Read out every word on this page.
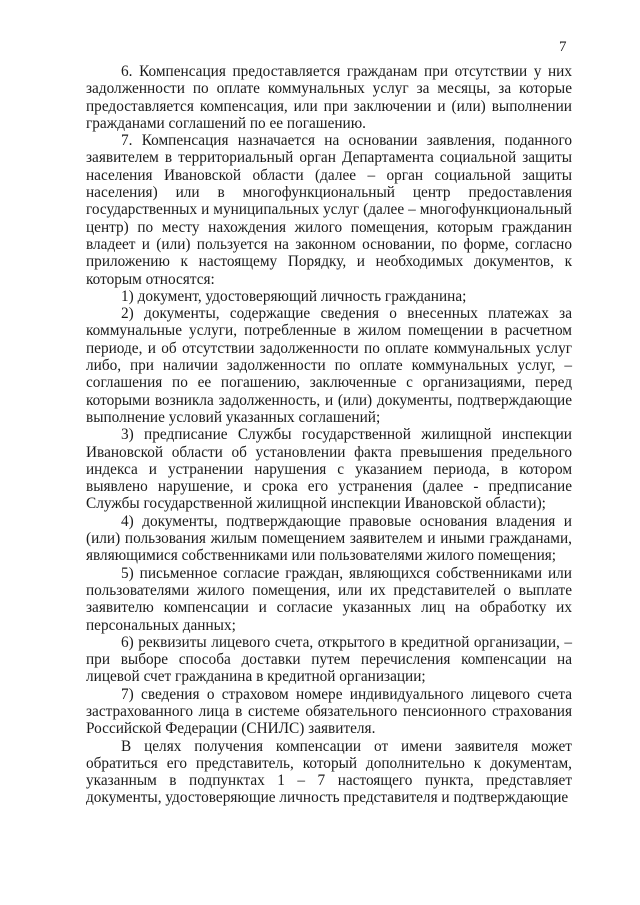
7

6. Компенсация предоставляется гражданам при отсутствии у них задолженности по оплате коммунальных услуг за месяцы, за которые предоставляется компенсация, или при заключении и (или) выполнении гражданами соглашений по ее погашению.

7. Компенсация назначается на основании заявления, поданного заявителем в территориальный орган Департамента социальной защиты населения Ивановской области (далее – орган социальной защиты населения) или в многофункциональный центр предоставления государственных и муниципальных услуг (далее – многофункциональный центр) по месту нахождения жилого помещения, которым гражданин владеет и (или) пользуется на законном основании, по форме, согласно приложению к настоящему Порядку, и необходимых документов, к которым относятся:

1) документ, удостоверяющий личность гражданина;

2) документы, содержащие сведения о внесенных платежах за коммунальные услуги, потребленные в жилом помещении в расчетном периоде, и об отсутствии задолженности по оплате коммунальных услуг либо, при наличии задолженности по оплате коммунальных услуг, – соглашения по ее погашению, заключенные с организациями, перед которыми возникла задолженность, и (или) документы, подтверждающие выполнение условий указанных соглашений;

3) предписание Службы государственной жилищной инспекции Ивановской области об установлении факта превышения предельного индекса и устранении нарушения с указанием периода, в котором выявлено нарушение, и срока его устранения (далее - предписание Службы государственной жилищной инспекции Ивановской области);

4) документы, подтверждающие правовые основания владения и (или) пользования жилым помещением заявителем и иными гражданами, являющимися собственниками или пользователями жилого помещения;

5) письменное согласие граждан, являющихся собственниками или пользователями жилого помещения, или их представителей о выплате заявителю компенсации и согласие указанных лиц на обработку их персональных данных;

6) реквизиты лицевого счета, открытого в кредитной организации, – при выборе способа доставки путем перечисления компенсации на лицевой счет гражданина в кредитной организации;

7) сведения о страховом номере индивидуального лицевого счета застрахованного лица в системе обязательного пенсионного страхования Российской Федерации (СНИЛС) заявителя.

В целях получения компенсации от имени заявителя может обратиться его представитель, который дополнительно к документам, указанным в подпунктах 1 – 7 настоящего пункта, представляет документы, удостоверяющие личность представителя и подтверждающие
